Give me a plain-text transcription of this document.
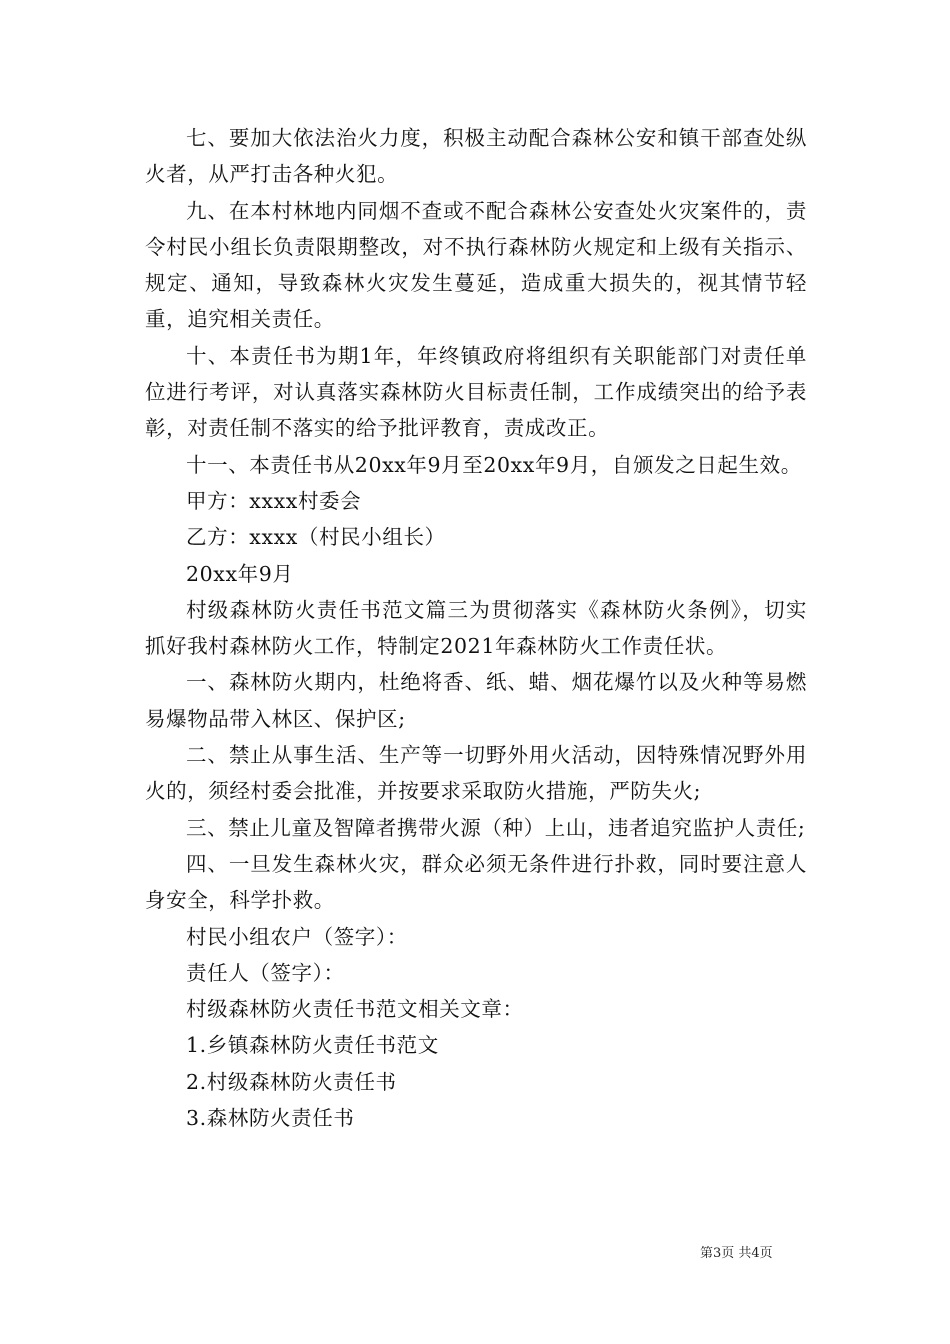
七、要加大依法治火力度，积极主动配合森林公安和镇干部查处纵火者，从严打击各种火犯。

九、在本村林地内同烟不查或不配合森林公安查处火灾案件的，责令村民小组长负责限期整改，对不执行森林防火规定和上级有关指示、规定、通知，导致森林火灾发生蔓延，造成重大损失的，视其情节轻重，追究相关责任。

十、本责任书为期1年，年终镇政府将组织有关职能部门对责任单位进行考评，对认真落实森林防火目标责任制，工作成绩突出的给予表彰，对责任制不落实的给予批评教育，责成改正。

十一、本责任书从20xx年9月至20xx年9月，自颁发之日起生效。

甲方：xxxx村委会

乙方：xxxx（村民小组长）

20xx年9月

村级森林防火责任书范文篇三为贯彻落实《森林防火条例》，切实抓好我村森林防火工作，特制定2021年森林防火工作责任状。

一、森林防火期内，杜绝将香、纸、蜡、烟花爆竹以及火种等易燃易爆物品带入林区、保护区;

二、禁止从事生活、生产等一切野外用火活动，因特殊情况野外用火的，须经村委会批准，并按要求采取防火措施，严防失火;

三、禁止儿童及智障者携带火源（种）上山，违者追究监护人责任;

四、一旦发生森林火灾，群众必须无条件进行扑救，同时要注意人身安全，科学扑救。

村民小组农户（签字）：

责任人（签字）：

村级森林防火责任书范文相关文章：

1.乡镇森林防火责任书范文

2.村级森林防火责任书

3.森林防火责任书

第3页 共4页
